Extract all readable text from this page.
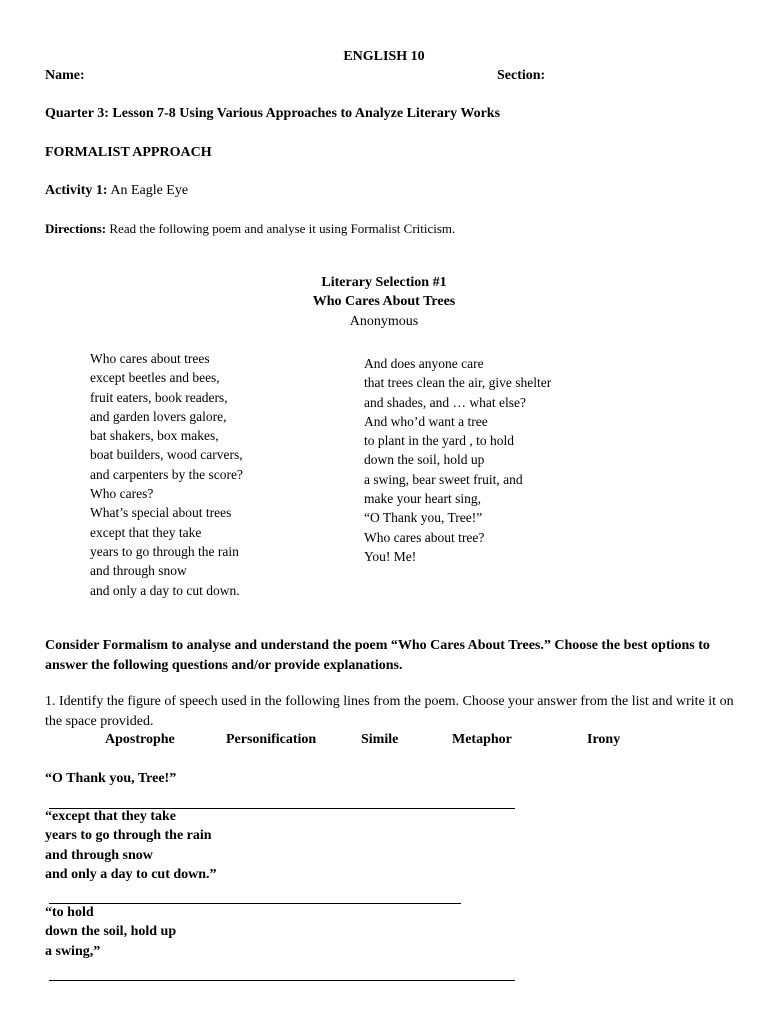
ENGLISH 10
Name:	Section:
Quarter 3: Lesson 7-8 Using Various Approaches to Analyze Literary Works
FORMALIST APPROACH
Activity 1: An Eagle Eye
Directions: Read the following poem and analyse it using Formalist Criticism.
Literary Selection #1
Who Cares About Trees
Anonymous
Who cares about trees
except beetles and bees,
fruit eaters, book readers,
and garden lovers galore,
bat shakers, box makes,
boat builders, wood carvers,
and carpenters by the score?
Who cares?
What’s special about trees
except that they take
years to go through the rain
and through snow
and only a day to cut down.
And does anyone care
that trees clean the air, give shelter
and shades, and … what else?
And who’d want a tree
to plant in the yard , to hold
down the soil, hold up
a swing, bear sweet fruit, and
make your heart sing,
“O Thank you, Tree!”
Who cares about tree?
You! Me!
Consider Formalism to analyse and understand the poem “Who Cares About Trees.” Choose the best options to answer the following questions and/or provide explanations.
1. Identify the figure of speech used in the following lines from the poem. Choose your answer from the list and write it on the space provided.
Apostrophe	Personification	Simile	Metaphor	Irony
“O Thank you, Tree!”
“except that they take
years to go through the rain
and through snow
and only a day to cut down.”
“to hold
down the soil, hold up
a swing,”
